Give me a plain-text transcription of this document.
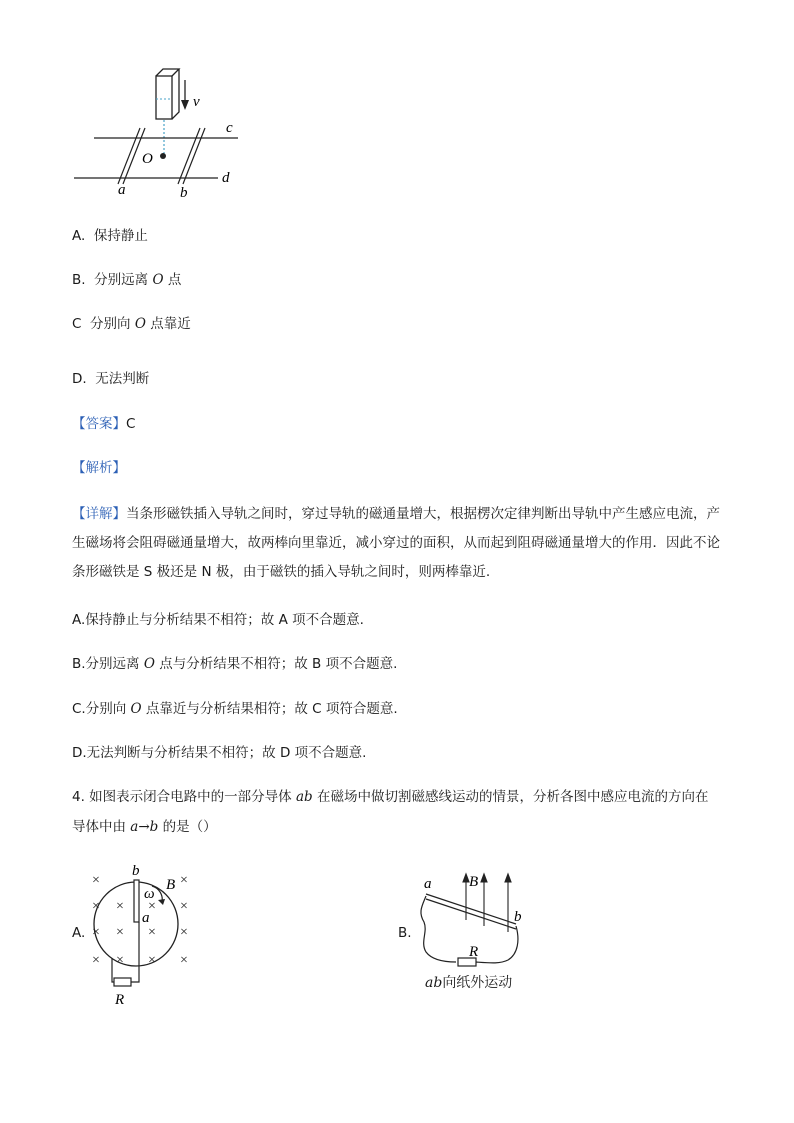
v
c
d
a	b
O
A. 保持静止
B. 分别远离 O 点
C 分别向 O 点靠近
D. 无法判断
【答案】C
【解析】
【详解】当条形磁铁插入导轨之间时，穿过导轨的磁通量增大，根据楞次定律判断出导轨中产生感应电流，产生磁场将会阻碍磁通量增大，故两棒向里靠近，减小穿过的面积，从而起到阻碍磁通量增大的作用．因此不论条形磁铁是 S 极还是 N 极，由于磁铁的插入导轨之间时，则两棒靠近.
A.保持静止与分析结果不相符；故 A 项不合题意.
B.分别远离 O 点与分析结果不相符；故 B 项不合题意.
C.分别向 O 点靠近与分析结果相符；故 C 项符合题意.
D.无法判断与分析结果不相符；故 D 项不合题意.
4. 如图表示闭合电路中的一部分导体 ab 在磁场中做切割磁感线运动的情景，分析各图中感应电流的方向在
导体中由 a→b 的是（）
A.
×	×
× × × ×
× × × ×
× × × ×
b
a
ω
B
R
B.
a
b
B
R
ab向纸外运动
